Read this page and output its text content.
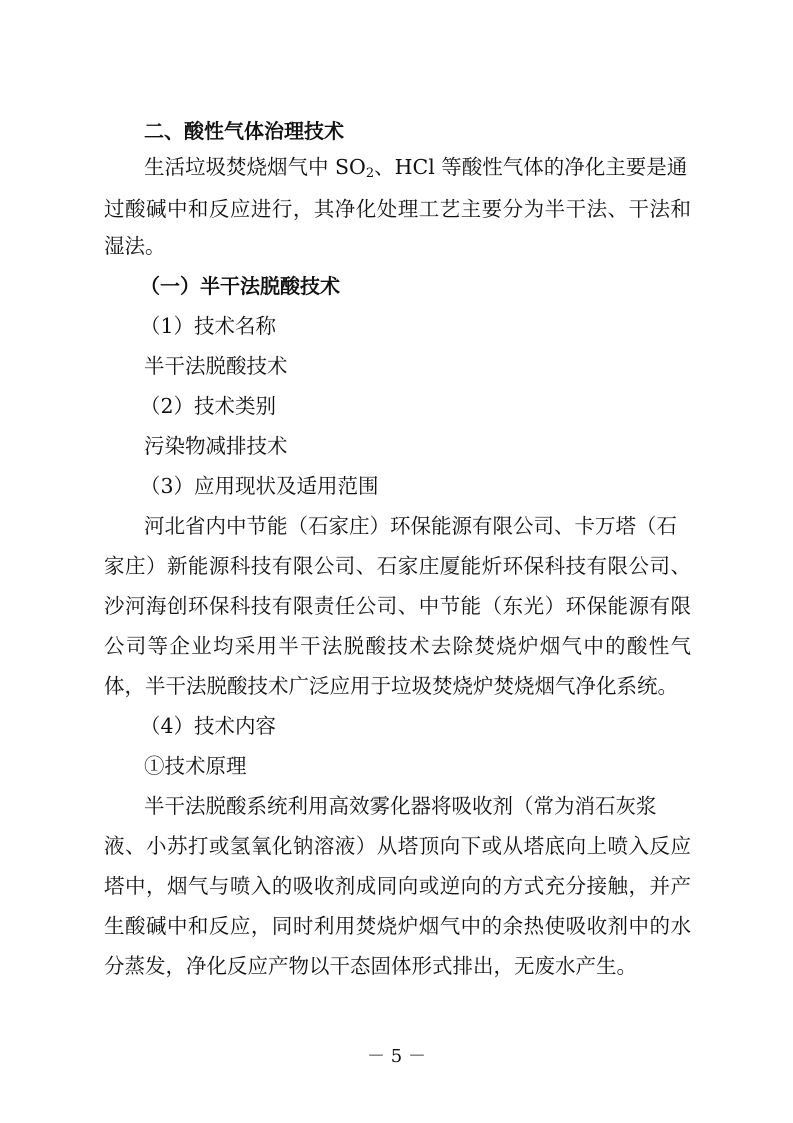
二、酸性气体治理技术
生活垃圾焚烧烟气中 $SO_2$、HCl 等酸性气体的净化主要是通
过酸碱中和反应进行，其净化处理工艺主要分为半干法、干法和
湿法。
（一）半干法脱酸技术
（1）技术名称
半干法脱酸技术
（2）技术类别
污染物减排技术
（3）应用现状及适用范围
河北省内中节能（石家庄）环保能源有限公司、卡万塔（石
家庄）新能源科技有限公司、石家庄厦能炘环保科技有限公司、
沙河海创环保科技有限责任公司、中节能（东光）环保能源有限
公司等企业均采用半干法脱酸技术去除焚烧炉烟气中的酸性气
体，半干法脱酸技术广泛应用于垃圾焚烧炉焚烧烟气净化系统。
（4）技术内容
①技术原理
半干法脱酸系统利用高效雾化器将吸收剂（常为消石灰浆
液、小苏打或氢氧化钠溶液）从塔顶向下或从塔底向上喷入反应
塔中，烟气与喷入的吸收剂成同向或逆向的方式充分接触，并产
生酸碱中和反应，同时利用焚烧炉烟气中的余热使吸收剂中的水
分蒸发，净化反应产物以干态固体形式排出，无废水产生。
－ 5 －
